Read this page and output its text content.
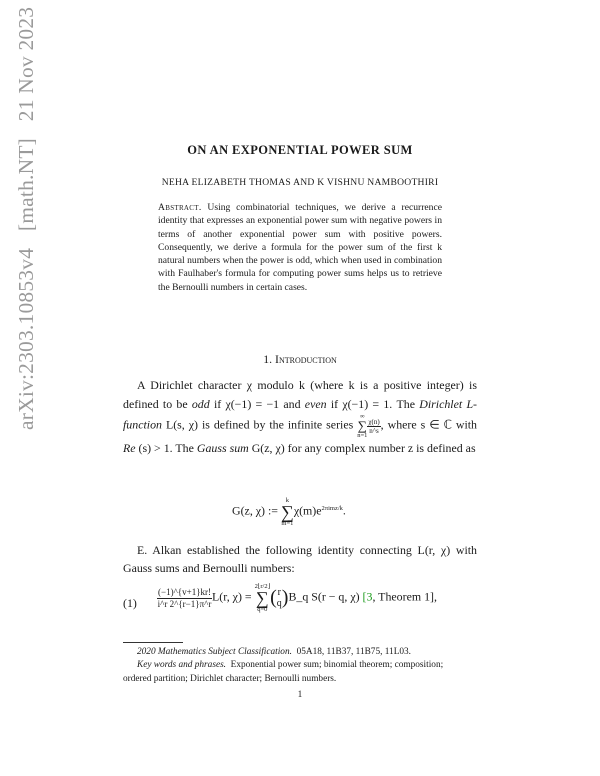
arXiv:2303.10853v4   [math.NT]   21 Nov 2023
ON AN EXPONENTIAL POWER SUM
NEHA ELIZABETH THOMAS AND K VISHNU NAMBOOTHIRI
Abstract. Using combinatorial techniques, we derive a recurrence identity that expresses an exponential power sum with negative powers in terms of another exponential power sum with positive powers. Consequently, we derive a formula for the power sum of the first k natural numbers when the power is odd, which when used in combination with Faulhaber's formula for computing power sums helps us to retrieve the Bernoulli numbers in certain cases.
1. Introduction
A Dirichlet character χ modulo k (where k is a positive integer) is defined to be odd if χ(−1) = −1 and even if χ(−1) = 1. The Dirichlet L-function L(s, χ) is defined by the infinite series ∞
∑
n=1
$\frac{\chi(n)}{n\^{}s}$, where s ∈ ℂ with Re (s) > 1. The Gauss sum G(z, χ) for any complex number z is defined as
G(z, χ) := k
∑
$m=1\chi(m)e^{2\pi imz/k}$.
E. Alkan established the following identity connecting L(r, χ) with Gauss sums and Bernoulli numbers:
$(1) \frac{(-1)\^{}\{v+1\}kr!}{i\^{}r 2\^{}\{r-1\}\pi\^{}r}L(r$, χ) = 2⌊r/2⌋
∑
q=0( r
q)B_q S(r − q, χ) [3, Theorem 1],
2020 Mathematics Subject Classification. 05A18, 11B37, 11B75, 11L03.
Key words and phrases. Exponential power sum; binomial theorem; composition;
ordered partition; Dirichlet character; Bernoulli numbers.
1
